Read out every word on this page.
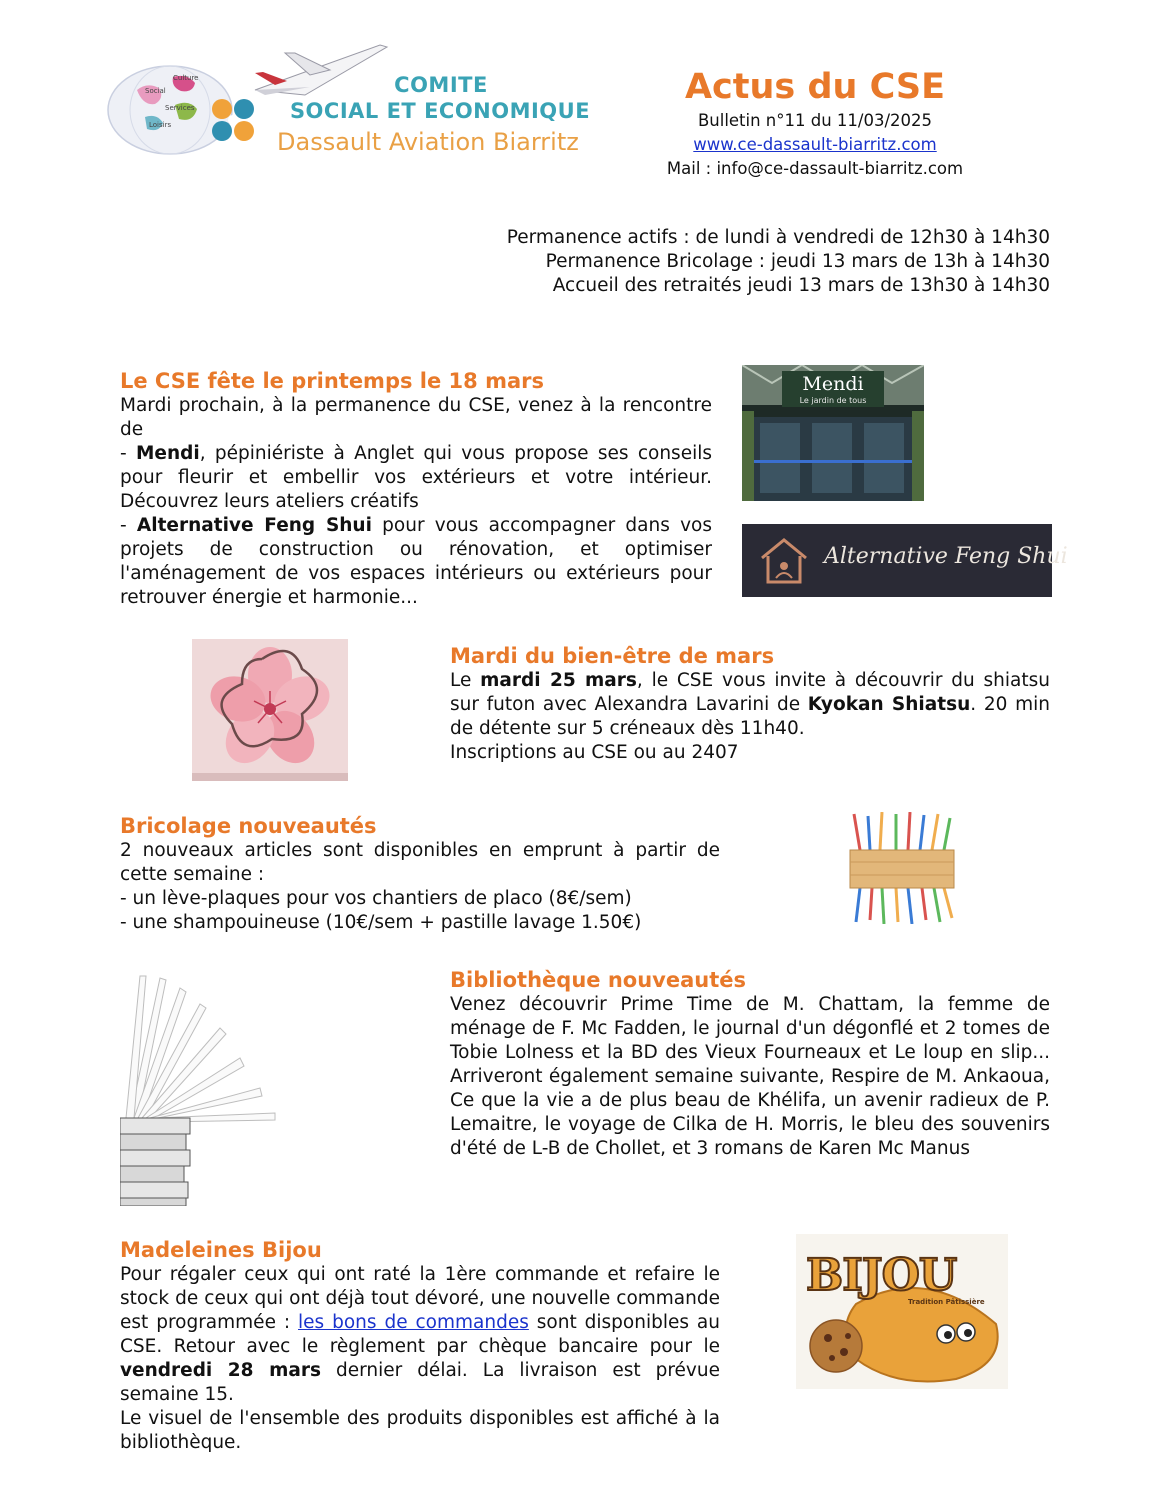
Social
Culture
Services
Loisirs
COMITE
SOCIAL ET ECONOMIQUE
Dassault Aviation Biarritz
Actus du CSE
Bulletin n°11 du 11/03/2025
www.ce-dassault-biarritz.com
Mail : info@ce-dassault-biarritz.com
Permanence actifs : de lundi à vendredi de 12h30 à 14h30
Permanence Bricolage : jeudi 13 mars de 13h à 14h30
Accueil des retraités jeudi 13 mars de 13h30 à 14h30
Le CSE fête le printemps le 18 mars
Mardi prochain, à la permanence du CSE, venez à la rencontre de
- Mendi, pépiniériste à Anglet qui vous propose ses conseils pour fleurir et embellir vos extérieurs et votre intérieur. Découvrez leurs ateliers créatifs
- Alternative Feng Shui pour vous accompagner dans vos projets de construction ou rénovation, et optimiser l'aménagement de vos espaces intérieurs ou extérieurs pour retrouver énergie et harmonie...
Mendi
Le jardin de tous
Alternative Feng Shui
Mardi du bien-être de mars
Le mardi 25 mars, le CSE vous invite à découvrir du shiatsu sur futon avec Alexandra Lavarini de Kyokan Shiatsu. 20 min de détente sur 5 créneaux dès 11h40.
Inscriptions au CSE ou au 2407
Bricolage nouveautés
2 nouveaux articles sont disponibles en emprunt à partir de cette semaine :
- un lève-plaques pour vos chantiers de placo (8€/sem)
- une shampouineuse (10€/sem + pastille lavage 1.50€)
Bibliothèque nouveautés
Venez découvrir Prime Time de M. Chattam, la femme de ménage de F. Mc Fadden, le journal d'un dégonflé et 2 tomes de Tobie Lolness et la BD des Vieux Fourneaux et Le loup en slip... Arriveront également semaine suivante, Respire de M. Ankaoua, Ce que la vie a de plus beau de Khélifa, un avenir radieux de P. Lemaitre, le voyage de Cilka de H. Morris, le bleu des souvenirs d'été de L-B de Chollet, et 3 romans de Karen Mc Manus
Madeleines Bijou
Pour régaler ceux qui ont raté la 1ère commande et refaire le stock de ceux qui ont déjà tout dévoré, une nouvelle commande est programmée : les bons de commandes sont disponibles au CSE. Retour avec le règlement par chèque bancaire pour le vendredi 28 mars dernier délai. La livraison est prévue semaine 15.
Le visuel de l'ensemble des produits disponibles est affiché à la bibliothèque.
BIJOU
Tradition Pâtissière
